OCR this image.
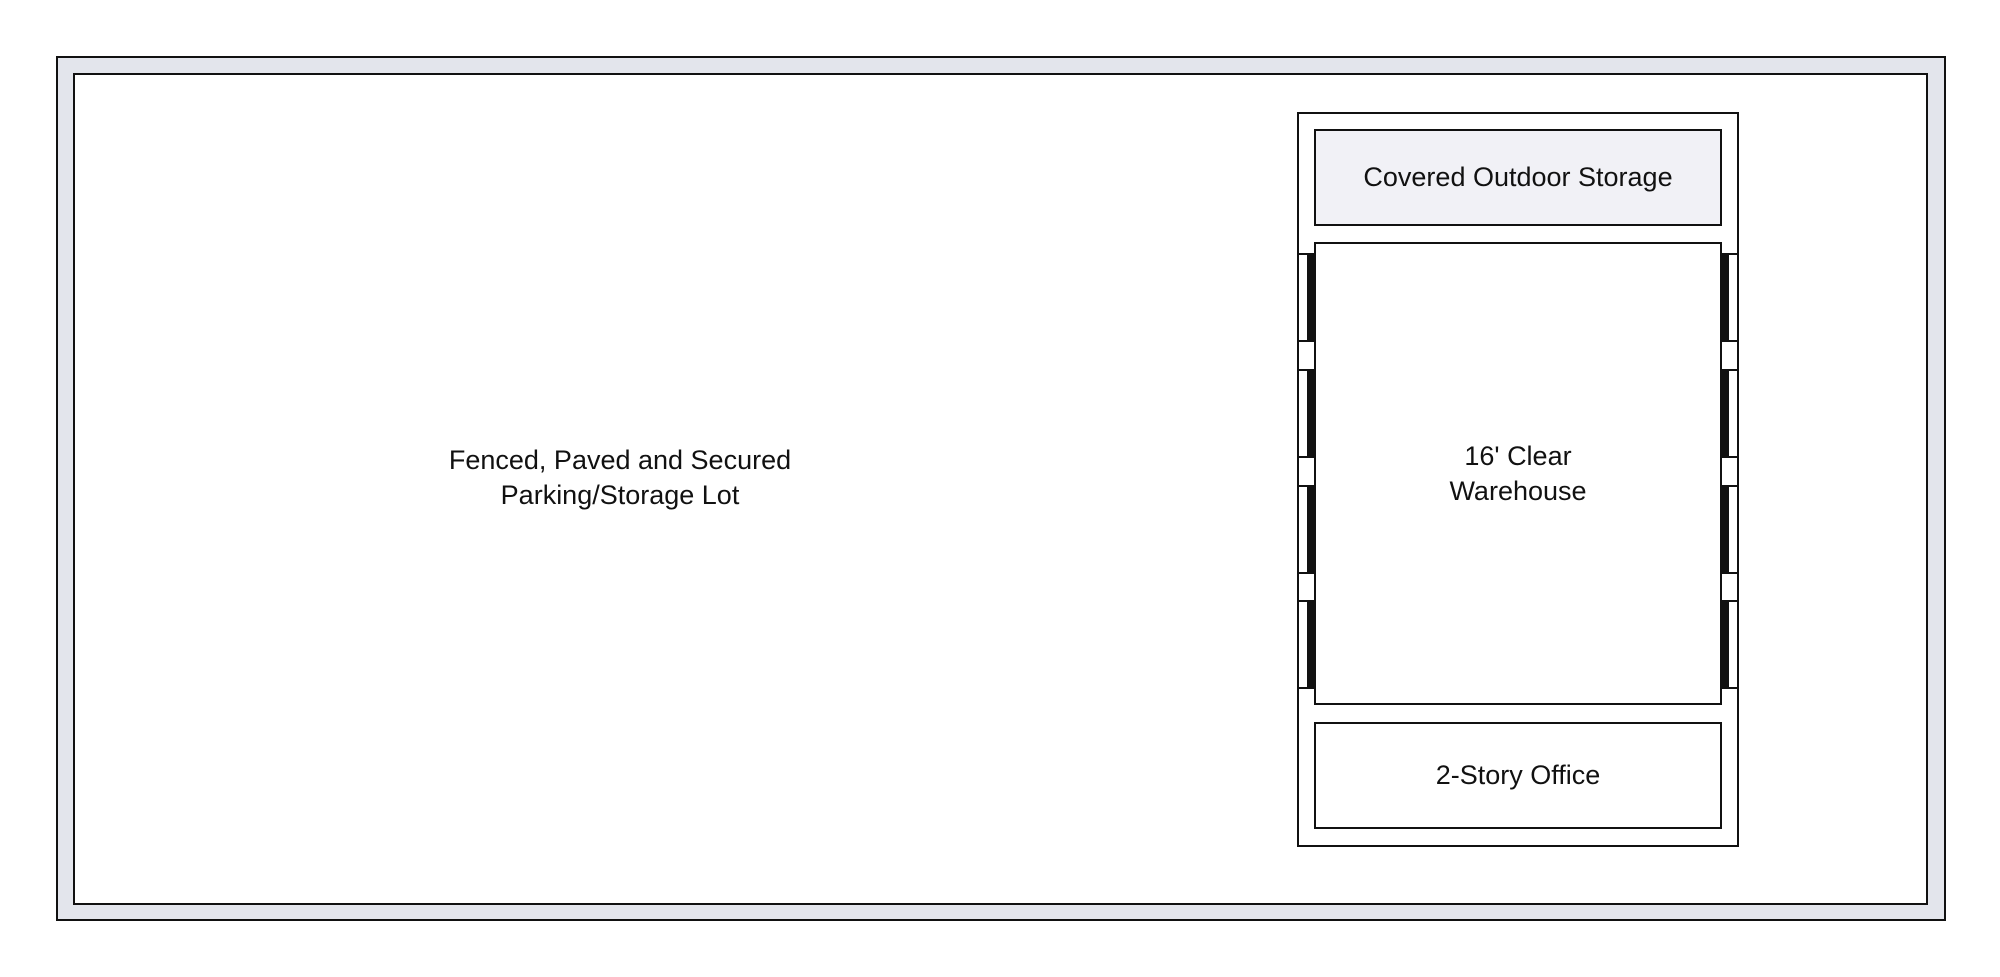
Fenced, Paved and Secured
Parking/Storage Lot
Covered Outdoor Storage
16' Clear
Warehouse
2-Story Office
